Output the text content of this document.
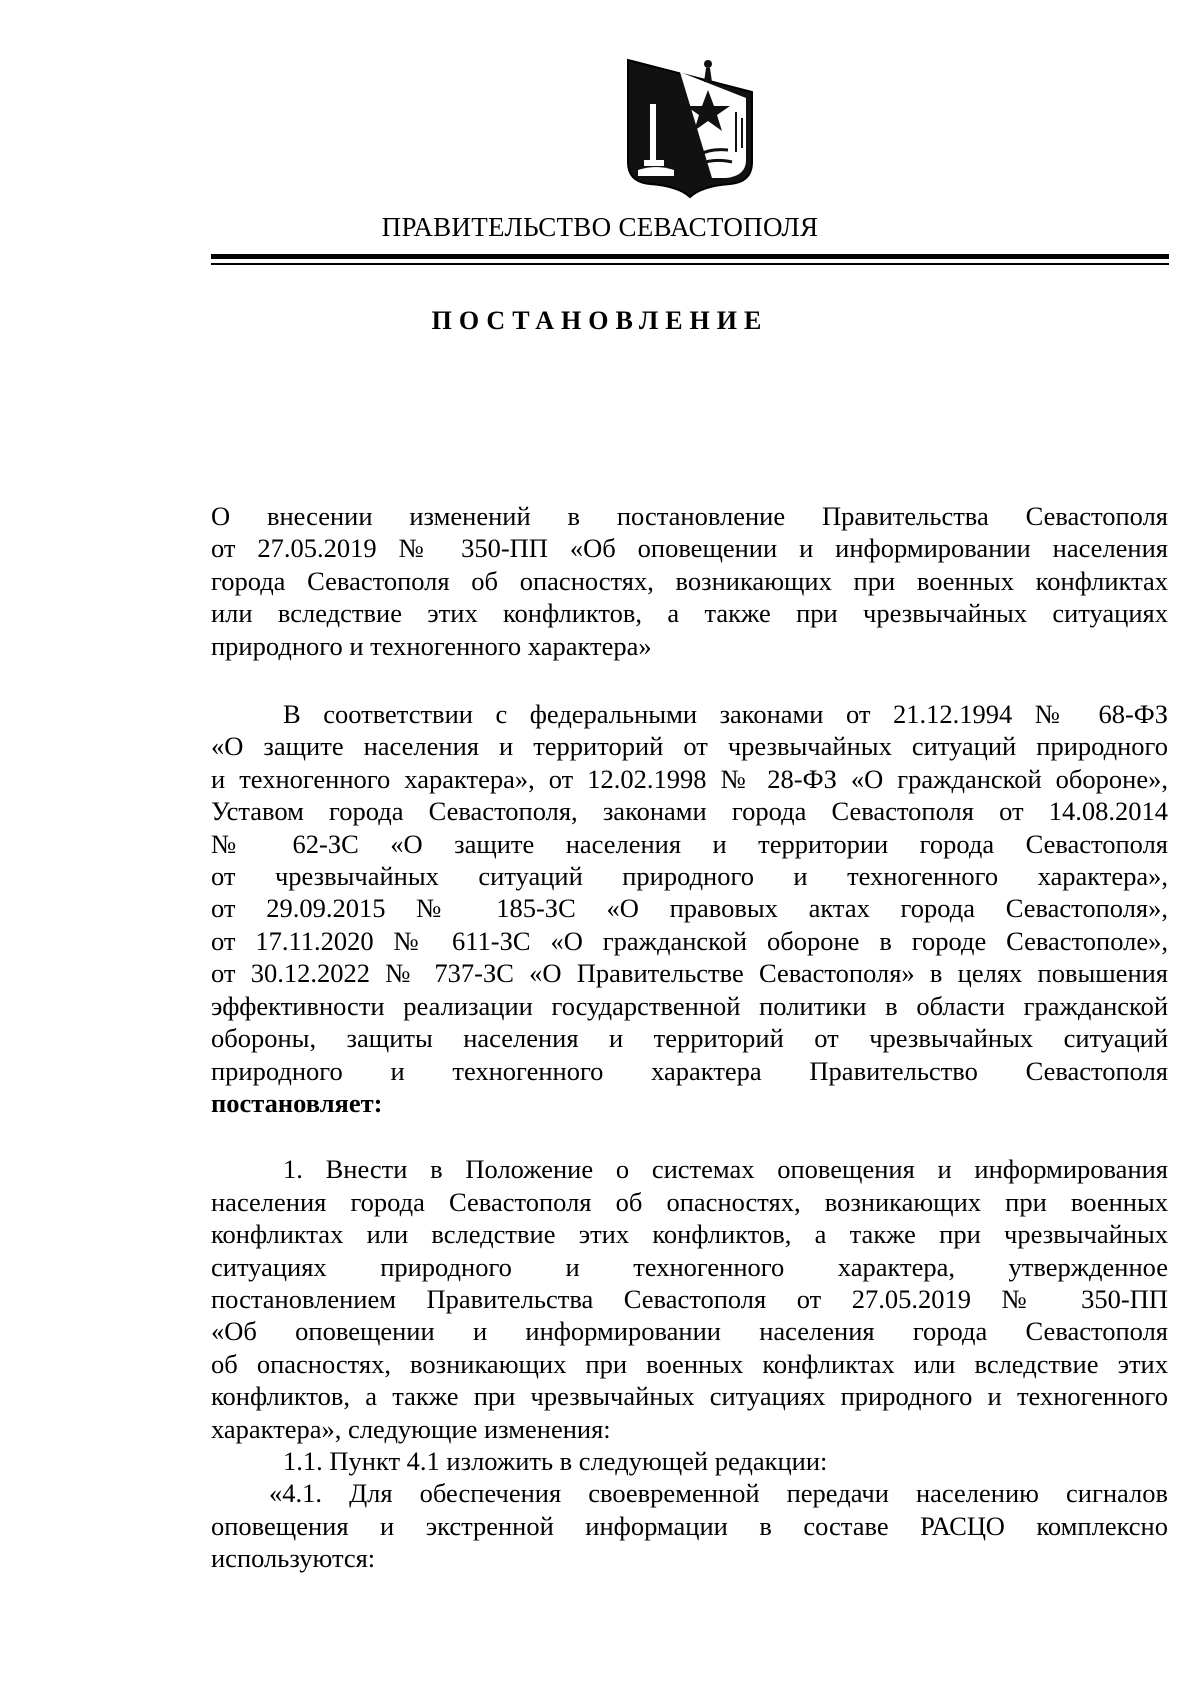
ПРАВИТЕЛЬСТВО СЕВАСТОПОЛЯ
ПОСТАНОВЛЕНИЕ
О внесении изменений в постановление Правительства Севастополя
от 27.05.2019 № 350-ПП «Об оповещении и информировании населения
города Севастополя об опасностях, возникающих при военных конфликтах
или вследствие этих конфликтов, а также при чрезвычайных ситуациях
природного и техногенного характера»
В соответствии с федеральными законами от 21.12.1994 № 68-ФЗ
«О защите населения и территорий от чрезвычайных ситуаций природного
и техногенного характера», от 12.02.1998 № 28-ФЗ «О гражданской обороне»,
Уставом города Севастополя, законами города Севастополя от 14.08.2014
№ 62-ЗС «О защите населения и территории города Севастополя
от чрезвычайных ситуаций природного и техногенного характера»,
от 29.09.2015 № 185-ЗС «О правовых актах города Севастополя»,
от 17.11.2020 № 611-ЗС «О гражданской обороне в городе Севастополе»,
от 30.12.2022 № 737-ЗС «О Правительстве Севастополя» в целях повышения
эффективности реализации государственной политики в области гражданской
обороны, защиты населения и территорий от чрезвычайных ситуаций
природного и техногенного характера Правительство Севастополя
постановляет:
1. Внести в Положение о системах оповещения и информирования
населения города Севастополя об опасностях, возникающих при военных
конфликтах или вследствие этих конфликтов, а также при чрезвычайных
ситуациях природного и техногенного характера, утвержденное
постановлением Правительства Севастополя от 27.05.2019 № 350-ПП
«Об оповещении и информировании населения города Севастополя
об опасностях, возникающих при военных конфликтах или вследствие этих
конфликтов, а также при чрезвычайных ситуациях природного и техногенного
характера», следующие изменения:
1.1. Пункт 4.1 изложить в следующей редакции:
«4.1. Для обеспечения своевременной передачи населению сигналов
оповещения и экстренной информации в составе РАСЦО комплексно
используются:
